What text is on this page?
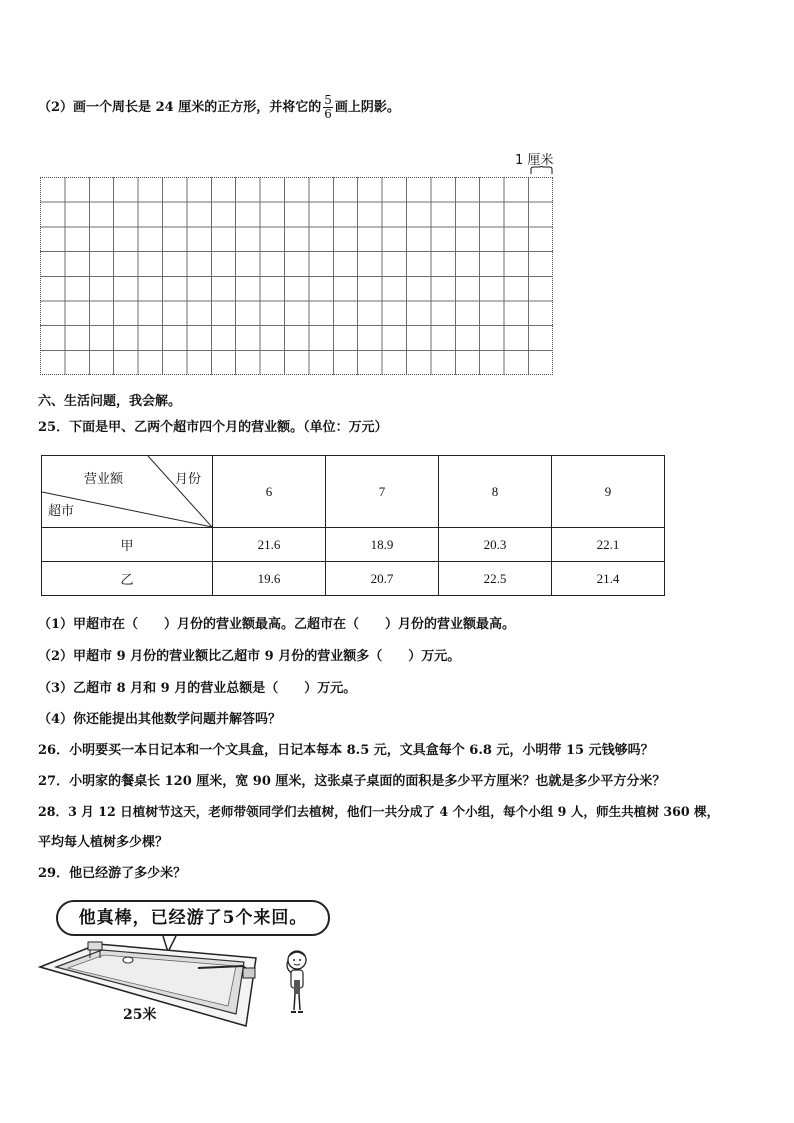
（2）画一个周长是 24 厘米的正方形，并将它的 $\frac{5}{6}$ 画上阴影。
1 厘米
六、生活问题，我会解。
25．下面是甲、乙两个超市四个月的营业额。（单位：万元）
营业额 月份
超市	6	7	8	9
甲	21.6	18.9	20.3	22.1
乙	19.6	20.7	22.5	21.4
（1）甲超市在（　　）月份的营业额最高。乙超市在（　　）月份的营业额最高。
（2）甲超市 9 月份的营业额比乙超市 9 月份的营业额多（　　）万元。
（3）乙超市 8 月和 9 月的营业总额是（　　）万元。
（4）你还能提出其他数学问题并解答吗？
26．小明要买一本日记本和一个文具盒，日记本每本 8.5 元，文具盒每个 6.8 元，小明带 15 元钱够吗？
27．小明家的餐桌长 120 厘米，宽 90 厘米，这张桌子桌面的面积是多少平方厘米？也就是多少平方分米？
28．3 月 12 日植树节这天，老师带领同学们去植树，他们一共分成了 4 个小组，每个小组 9 人，师生共植树 360 棵，
平均每人植树多少棵？
29．他已经游了多少米？
他真棒，已经游了5个来回。
25米
